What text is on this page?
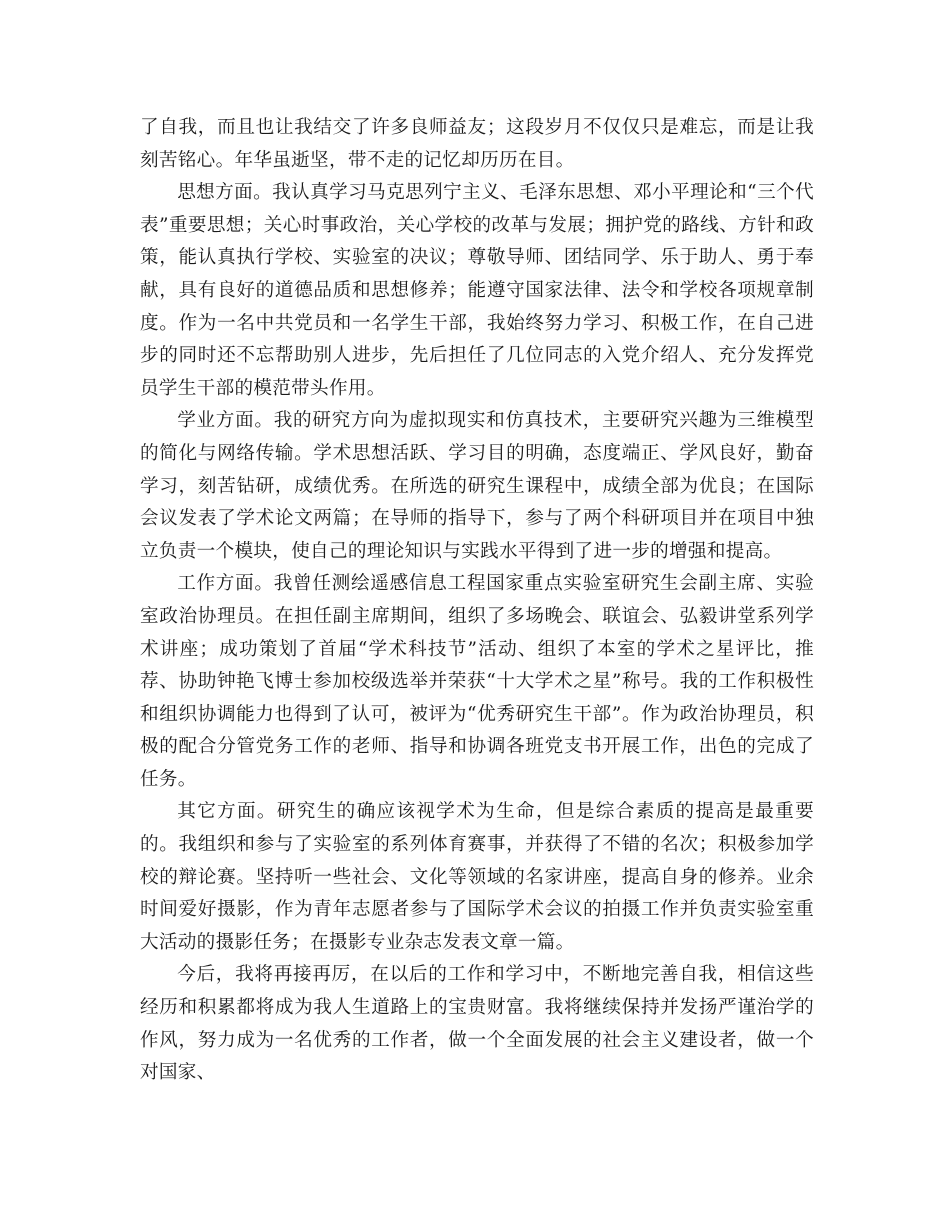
了自我，而且也让我结交了许多良师益友；这段岁月不仅仅只是难忘，而是让我刻苦铭心。年华虽逝坚，带不走的记忆却历历在目。

思想方面。我认真学习马克思列宁主义、毛泽东思想、邓小平理论和“三个代表”重要思想；关心时事政治，关心学校的改革与发展；拥护党的路线、方针和政策，能认真执行学校、实验室的决议；尊敬导师、团结同学、乐于助人、勇于奉献，具有良好的道德品质和思想修养；能遵守国家法律、法令和学校各项规章制度。作为一名中共党员和一名学生干部，我始终努力学习、积极工作，在自己进步的同时还不忘帮助别人进步，先后担任了几位同志的入党介绍人、充分发挥党员学生干部的模范带头作用。

学业方面。我的研究方向为虚拟现实和仿真技术，主要研究兴趣为三维模型的简化与网络传输。学术思想活跃、学习目的明确，态度端正、学风良好，勤奋学习，刻苦钻研，成绩优秀。在所选的研究生课程中，成绩全部为优良；在国际会议发表了学术论文两篇；在导师的指导下，参与了两个科研项目并在项目中独立负责一个模块，使自己的理论知识与实践水平得到了进一步的增强和提高。

工作方面。我曾任测绘遥感信息工程国家重点实验室研究生会副主席、实验室政治协理员。在担任副主席期间，组织了多场晚会、联谊会、弘毅讲堂系列学术讲座；成功策划了首届“学术科技节”活动、组织了本室的学术之星评比，推荐、协助钟艳飞博士参加校级选举并荣获“十大学术之星”称号。我的工作积极性和组织协调能力也得到了认可，被评为“优秀研究生干部”。作为政治协理员，积极的配合分管党务工作的老师、指导和协调各班党支书开展工作，出色的完成了任务。

其它方面。研究生的确应该视学术为生命，但是综合素质的提高是最重要的。我组织和参与了实验室的系列体育赛事，并获得了不错的名次；积极参加学校的辩论赛。坚持听一些社会、文化等领域的名家讲座，提高自身的修养。业余时间爱好摄影，作为青年志愿者参与了国际学术会议的拍摄工作并负责实验室重大活动的摄影任务；在摄影专业杂志发表文章一篇。

今后，我将再接再厉，在以后的工作和学习中，不断地完善自我，相信这些经历和积累都将成为我人生道路上的宝贵财富。我将继续保持并发扬严谨治学的作风，努力成为一名优秀的工作者，做一个全面发展的社会主义建设者，做一个对国家、
